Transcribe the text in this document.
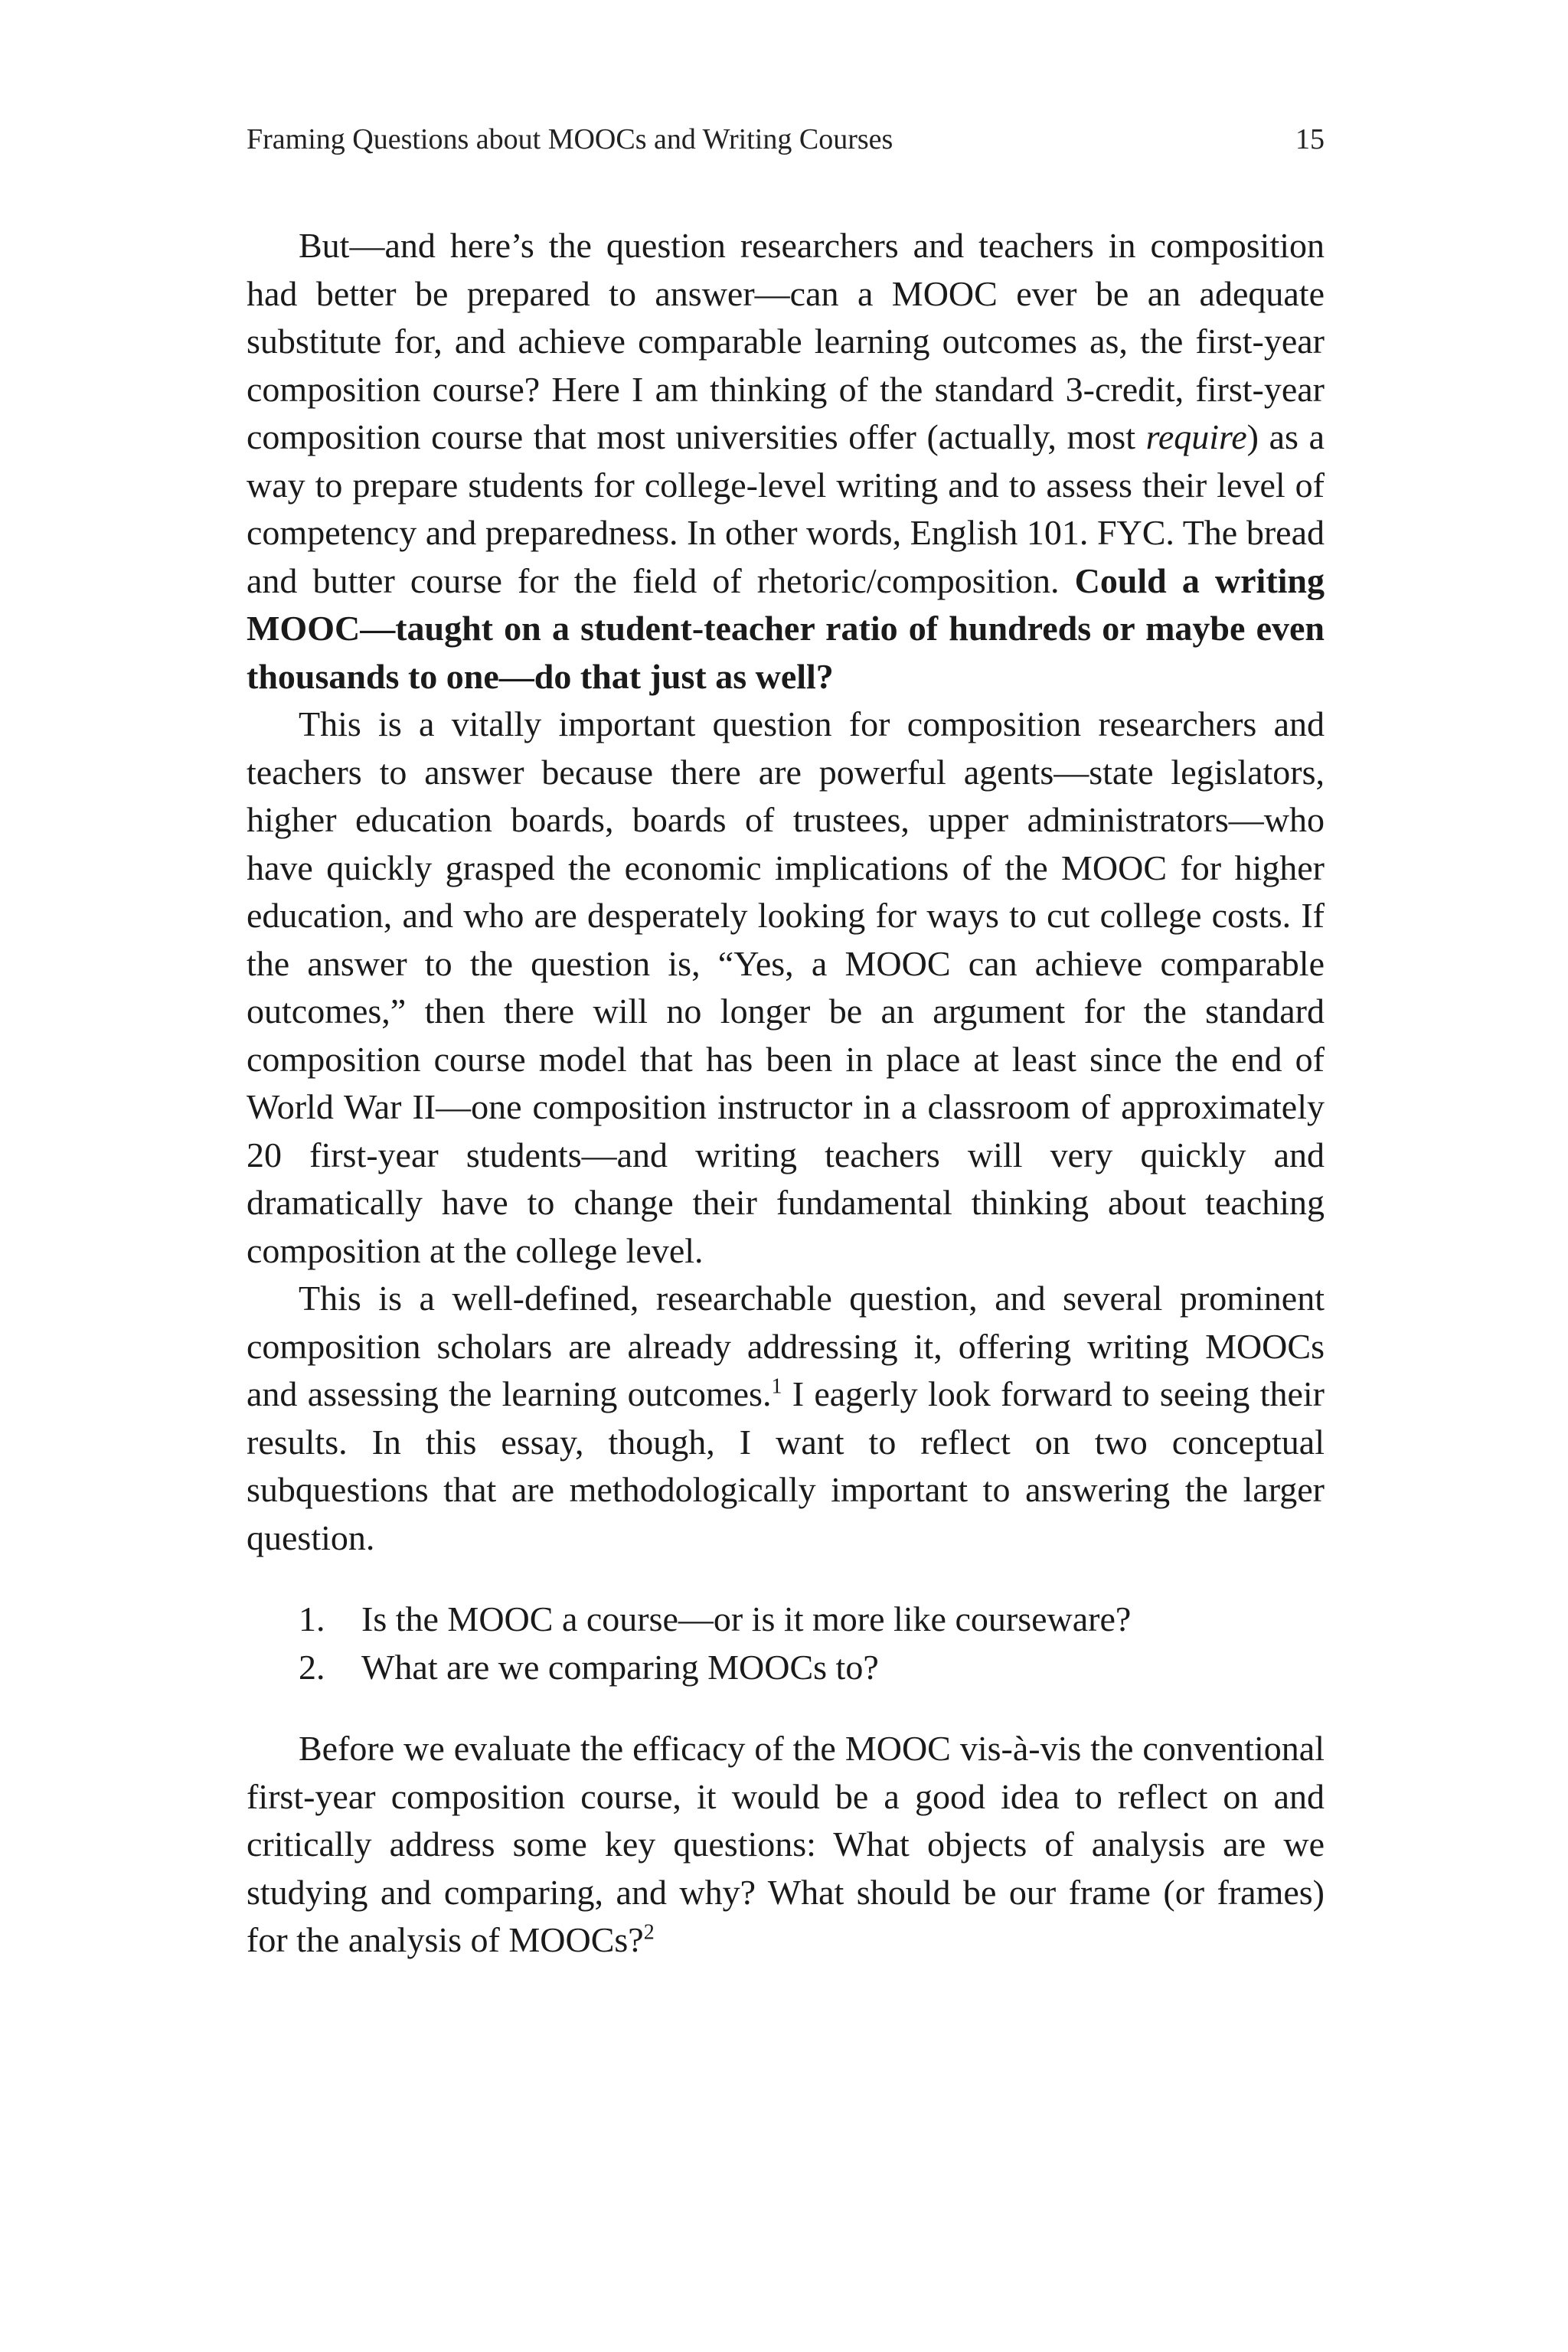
Framing Questions about MOOCs and Writing Courses	15

But—and here’s the question researchers and teachers in composition had better be prepared to answer—can a MOOC ever be an adequate substitute for, and achieve comparable learning outcomes as, the first-year composition course? Here I am thinking of the standard 3-credit, first-year composition course that most universities offer (actually, most require) as a way to prepare students for college-level writing and to assess their level of competency and preparedness. In other words, English 101. FYC. The bread and butter course for the field of rhetoric/composition. Could a writing MOOC—taught on a student-teacher ratio of hundreds or maybe even thousands to one—do that just as well?

This is a vitally important question for composition researchers and teachers to answer because there are powerful agents—state legislators, higher education boards, boards of trustees, upper administrators—who have quickly grasped the economic implications of the MOOC for higher education, and who are desperately looking for ways to cut college costs. If the answer to the question is, “Yes, a MOOC can achieve comparable outcomes,” then there will no longer be an argument for the standard composition course model that has been in place at least since the end of World War II—one composition instructor in a classroom of approximately 20 first-year students—and writing teachers will very quickly and dramatically have to change their fundamental thinking about teaching composition at the college level.

This is a well-defined, researchable question, and several prominent composition scholars are already addressing it, offering writing MOOCs and assessing the learning outcomes.$^1$ I eagerly look forward to seeing their results. In this essay, though, I want to reflect on two conceptual subquestions that are methodologically important to answering the larger question.

1.	Is the MOOC a course—or is it more like courseware?
2.	What are we comparing MOOCs to?

Before we evaluate the efficacy of the MOOC vis-à-vis the conventional first-year composition course, it would be a good idea to reflect on and critically address some key questions: What objects of analysis are we studying and comparing, and why? What should be our frame (or frames) for the analysis of MOOCs?$^2$
